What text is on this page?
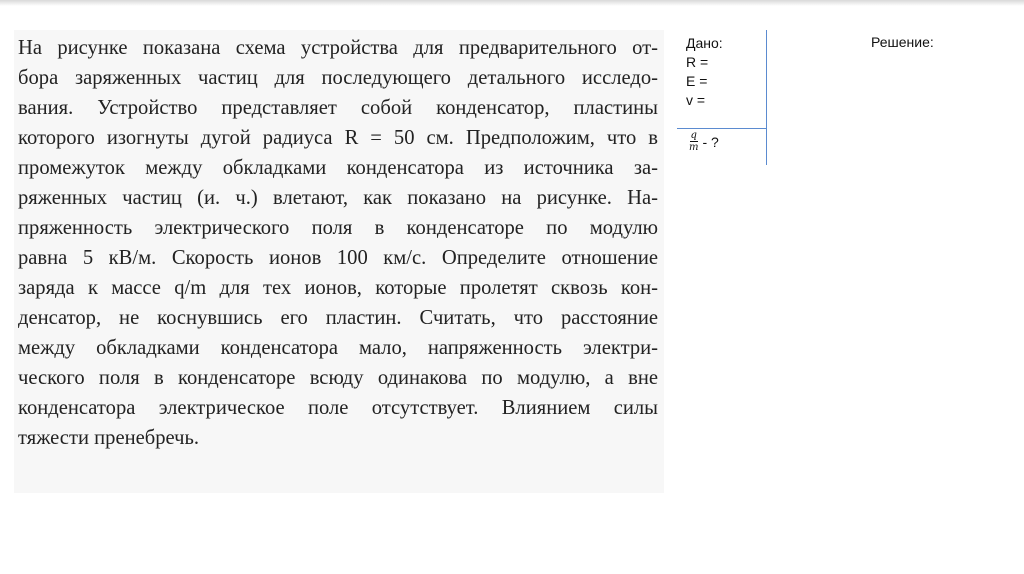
На рисунке показана схема устройства для предварительного от-
бора заряженных частиц для последующего детального исследо-
вания. Устройство представляет собой конденсатор, пластины
которого изогнуты дугой радиуса R = 50 см. Предположим, что в
промежуток между обкладками конденсатора из источника за-
ряженных частиц (и. ч.) влетают, как показано на рисунке. На-
пряженность электрического поля в конденсаторе по модулю
равна 5 кВ/м. Скорость ионов 100 км/с. Определите отношение
заряда к массе q/m для тех ионов, которые пролетят сквозь кон-
денсатор, не коснувшись его пластин. Считать, что расстояние
между обкладками конденсатора мало, напряженность электри-
ческого поля в конденсаторе всюду одинакова по модулю, а вне
конденсатора электрическое поле отсутствует. Влиянием силы
тяжести пренебречь.
Дано:
R =
E =
v =
$\frac{q}{m}$ - ?
Решение:
